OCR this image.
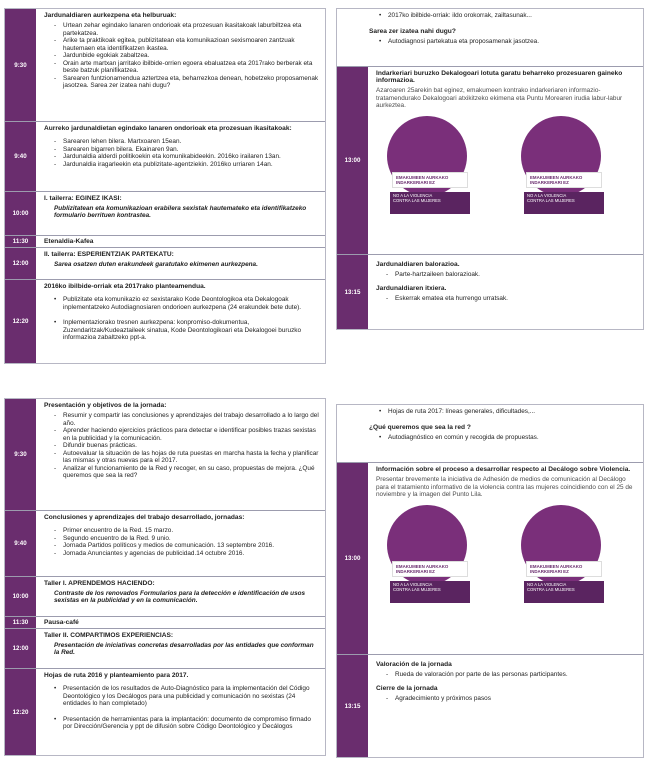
9:30
Jardunaldiaren aurkezpena eta helburuak:
- Urtean zehar egindako lanaren ondorioak eta prozesuan ikasitakoak laburbiltzea eta partekatzea.
- Arike ta praktikoak egitea, publizitatean eta komunikazioan sexismoaren zantzuak hautemaen eta identifikatzen ikastea.
- Jardunbide egokiak zabaltzea.
- Orain arte martxan jarritako ibilbide-orrien egoera ebaluatzea eta 2017rako berberak eta beste batzuk planifikatzea.
- Sarearen funtzionamendua aztertzea eta, beharrezkoa denean, hobetzeko proposamenak jasotzea. Sarea zer izatea nahi dugu?
9:40
Aurreko jardunaldietan egindako lanaren ondorioak eta prozesuan ikasitakoak:
- Sarearen lehen bilera. Martxoaren 15ean.
- Sarearen bigarren bilera. Ekainaren 9an.
- Jardunaldia alderdi politikoekin eta komunikabideekin. 2016ko irailaren 13an.
- Jardunaldia iragarleekin eta publizitate-agentziekin. 2016ko urriaren 14an.
10:00
I. tailerra: EGINEZ IKASI:
Publizitatean eta komunikazioan erabilera sexistak hautemateko eta identifikatzeko formulario berrituen kontrastea.
11:30	Etenaldia-Kafea
12:00
II. tailerra: ESPERIENTZIAK PARTEKATU:
Sarea osatzen duten erakundeek garatutako ekimenen aurkezpena.
12:20
2016ko ibilbide-orriak eta 2017rako planteamendua.
• Publizitate eta komunikazio ez sexistarako Kode Deontologikoa eta Dekalogoak inplementatzeko Autodiagnosiaren ondorioen aurkezpena (24 erakundek bete dute).
• Inplementaziorako tresnen aurkezpena: konpromiso-dokumentua, Zuzendaritzak/Kudeaztaileek sinatua, Kode Deontologikoari eta Dekalogoei buruzko informazioa zabaltzeko ppt-a.
• 2017ko ibilbide-orriak: ildo orokorrak, zailtasunak...
Sarea zer izatea nahi dugu?
• Autodiagnosi partekatua eta proposamenak jasotzea.
13:00
Indarkeriari buruzko Dekalogoari lotuta garatu beharreko prozesuaren gaineko informazioa.
Azaroaren 25arekin bat eginez, emakumeen kontrako indarkeriaren informazio-tratamendurako Dekalogoari atxikitzeko ekimena eta Puntu Morearen irudia labur-labur aurkeztea.
EMAKUMEEN AURKAKO
INDARKERIARI EZ
NO A LA VIOLENCIA
CONTRA LAS MUJERES
EMAKUMEEN AURKAKO
INDARKERIARI EZ
NO A LA VIOLENCIA
CONTRA LAS MUJERES
13:15
Jardunaldiaren balorazioa.
- Parte-hartzaileen balorazioak.
Jardunaldiaren itxiera.
- Eskerrak ematea eta hurrengo urratsak.
9:30
Presentación y objetivos de la jornada:
- Resumir y compartir las conclusiones y aprendizajes del trabajo desarrollado a lo largo del año.
- Aprender haciendo ejercicios prácticos para detectar e identificar posibles trazas sexistas en la publicidad y la comunicación.
- Difundir buenas prácticas.
- Autoevaluar la situación de las hojas de ruta puestas en marcha hasta la fecha y planificar las mismas y otras nuevas para el 2017.
- Analizar el funcionamiento de la Red y recoger, en su caso, propuestas de mejora. ¿Qué queremos que sea la red?
9:40
Conclusiones y aprendizajes del trabajo desarrollado, jornadas:
- Primer encuentro de la Red. 15 marzo.
- Segundo encuentro de la Red. 9 unio.
- Jornada Partidos políticos y medios de comunicación. 13 septembre 2016.
- Jornada Anunciantes y agencias de publicidad.14 octubre 2016.
10:00
Taller I. APRENDEMOS HACIENDO:
Contraste de los renovados Formularios para la detección e identificación de usos sexistas en la publicidad y en la comunicación.
11:30	Pausa-café
12:00
Taller II. COMPARTIMOS EXPERIENCIAS:
Presentación de iniciativas concretas desarrolladas por las entidades que conforman la Red.
12:20
Hojas de ruta 2016 y planteamiento para 2017.
• Presentación de los resultados de Auto-Diagnóstico para la implementación del Código Deontológico y los Decálogos para una publicidad y comunicación no sexistas (24 entidades lo han completado)
• Presentación de herramientas para la implantación: documento de compromiso firmado por Dirección/Gerencia y ppt de difusión sobre Código Deontológico y Decálogos
• Hojas de ruta 2017: líneas generales, dificultades,...
¿Qué queremos que sea la red ?
• Autodiagnóstico en común y recogida de propuestas.
13:00
Información sobre el proceso a desarrollar respecto al Decálogo sobre Violencia.
Presentar brevemente la iniciativa de Adhesión de medios de comunicación al Decálogo para el tratamiento informativo de la violencia contra las mujeres coincidiendo con el 25 de noviembre y la imagen del Punto Lila.
EMAKUMEEN AURKAKO
INDARKERIARI EZ
NO A LA VIOLENCIA
CONTRA LAS MUJERES
EMAKUMEEN AURKAKO
INDARKERIARI EZ
NO A LA VIOLENCIA
CONTRA LAS MUJERES
13:15
Valoración de la jornada
- Rueda de valoración por parte de las personas participantes.
Cierre de la jornada
- Agradecimiento y próximos pasos
